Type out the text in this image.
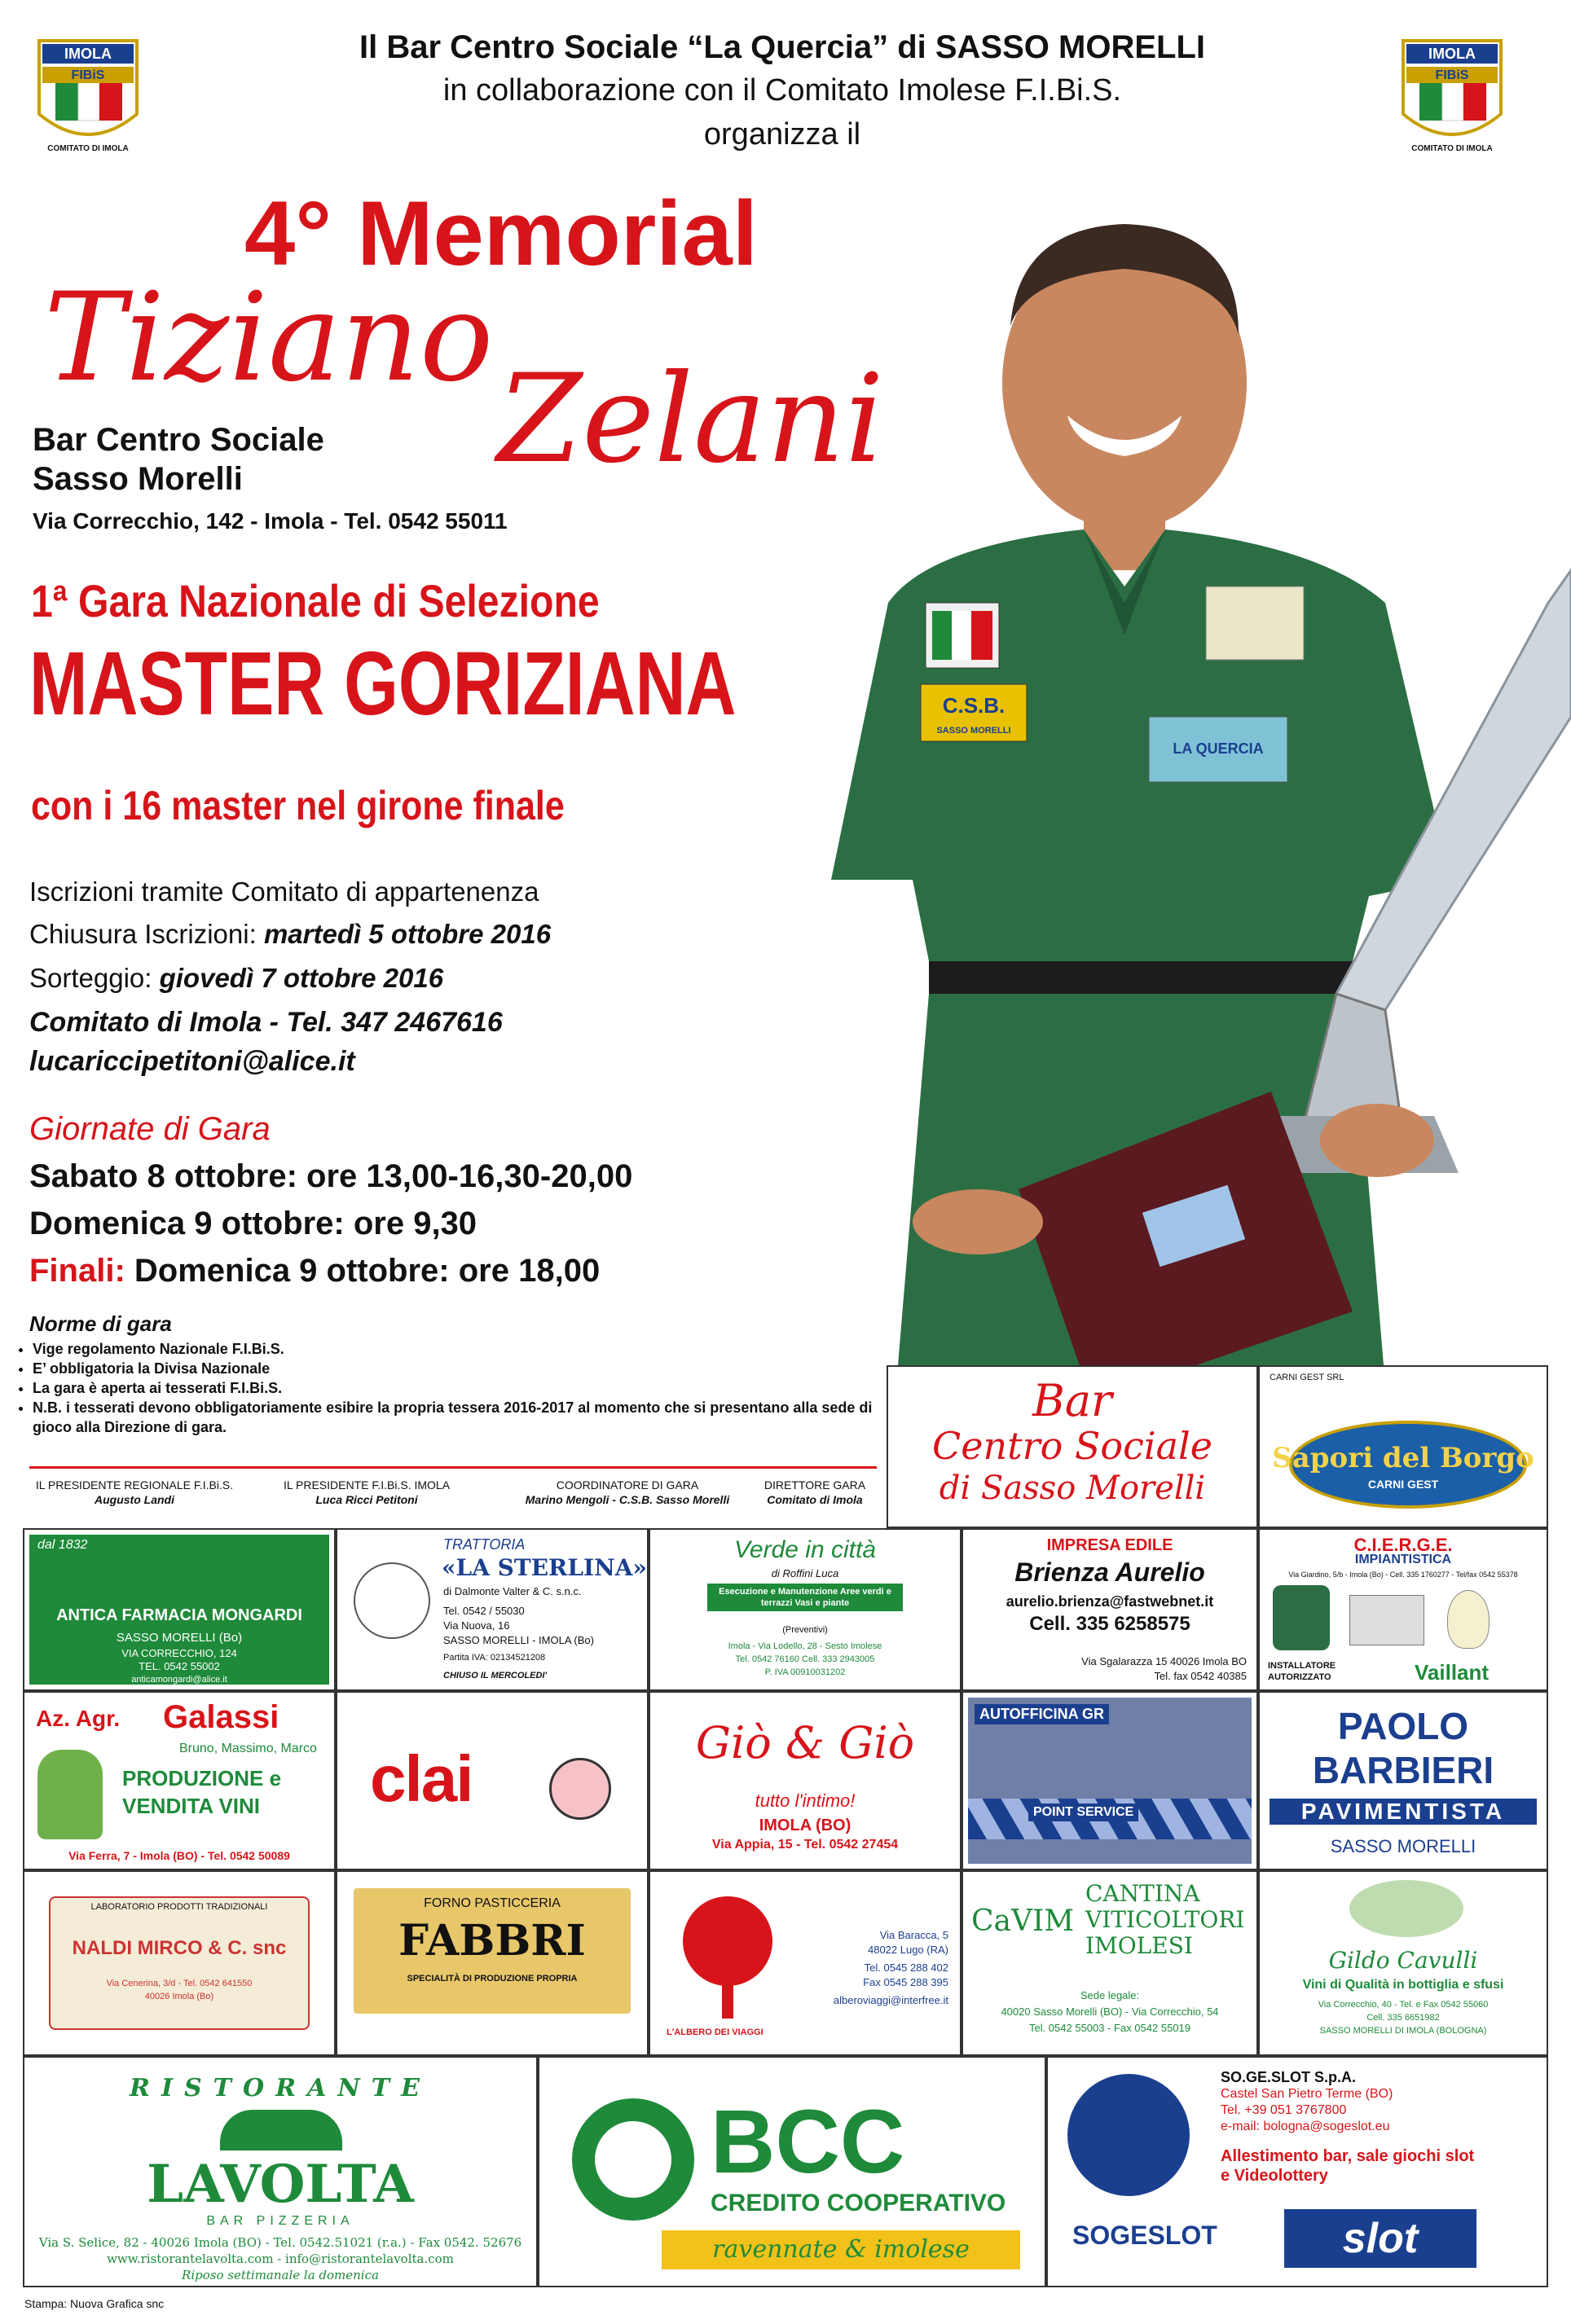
IMOLA
FIBiS
COMITATO DI IMOLA
IMOLA
FIBiS
COMITATO DI IMOLA
Il Bar Centro Sociale “La Quercia” di SASSO MORELLI
in collaborazione con il Comitato Imolese F.I.Bi.S.
organizza il
C.S.B.
SASSO MORELLI
LA QUERCIA
4° Memorial
Tiziano
Zelani
Bar Centro Sociale
Sasso Morelli
Via Correcchio, 142 - Imola - Tel. 0542 55011
1ª Gara Nazionale di Selezione
MASTER GORIZIANA
con i 16 master nel girone finale
Iscrizioni tramite Comitato di appartenenza
Chiusura Iscrizioni: martedì 5 ottobre 2016
Sorteggio: giovedì 7 ottobre 2016
Comitato di Imola - Tel. 347 2467616
lucariccipetitoni@alice.it
Giornate di Gara
Sabato 8 ottobre: ore 13,00-16,30-20,00
Domenica 9 ottobre: ore 9,30
Finali: Domenica 9 ottobre: ore 18,00
Norme di gara
• Vige regolamento Nazionale F.I.Bi.S.
• E’ obbligatoria la Divisa Nazionale
• La gara è aperta ai tesserati F.I.Bi.S.
• N.B. i tesserati devono obbligatoriamente esibire la propria tessera 2016-2017 al momento che si presentano alla sede di gioco alla Direzione di gara.
IL PRESIDENTE REGIONALE F.I.Bi.S.
Augusto Landi
IL PRESIDENTE F.I.Bi.S. IMOLA
Luca Ricci Petitoni
COORDINATORE DI GARA
Marino Mengoli - C.S.B. Sasso Morelli
DIRETTORE GARA
Comitato di Imola
Bar
Centro Sociale
di Sasso Morelli
CARNI GEST SRL
Sapori del Borgo
CARNI GEST
dal 1832
ANTICA FARMACIA MONGARDI
SASSO MORELLI (Bo)
VIA CORRECCHIO, 124
TEL. 0542 55002
anticamongardi@alice.it
TRATTORIA
«LA STERLINA»
di Dalmonte Valter & C. s.n.c.
Tel. 0542 / 55030
Via Nuova, 16
SASSO MORELLI - IMOLA (Bo)
Partita IVA: 02134521208
CHIUSO IL MERCOLEDI'
Verde in città
di Roffini Luca
Esecuzione e Manutenzione Aree verdi e terrazzi Vasi e piante
(Preventivi)
Imola - Via Lodello, 28 - Sesto Imolese
Tel. 0542 76160 Cell. 333 2943005
P. IVA 00910031202
IMPRESA EDILE
Brienza Aurelio
aurelio.brienza@fastwebnet.it
Cell. 335 6258575
Via Sgalarazza 15 40026 Imola BO
Tel. fax 0542 40385
C.I.E.R.G.E.
IMPIANTISTICA
Via Giardino, 5/b - Imola (Bo) - Cell. 335 1760277 - Tel/fax 0542 55378
INSTALLATORE AUTORIZZATO	Vaillant
Az. Agr. Galassi
Bruno, Massimo, Marco
PRODUZIONE e
VENDITA VINI
Via Ferra, 7 - Imola (BO) - Tel. 0542 50089
clai	Giò & Giò
tutto l'intimo!
IMOLA (BO)
Via Appia, 15 - Tel. 0542 27454
AUTOFFICINA GR
POINT SERVICE
PAOLO
BARBIERI
PAVIMENTISTA
SASSO MORELLI
LABORATORIO PRODOTTI TRADIZIONALI
NALDI MIRCO & C. snc
Via Cenerina, 3/d - Tel. 0542 641550
40026 Imola (Bo)
FORNO PASTICCERIA
FABBRI
SPECIALITÀ DI PRODUZIONE PROPRIA
L'ALBERO DEI VIAGGI
Via Baracca, 5
48022 Lugo (RA)
Tel. 0545 288 402
Fax 0545 288 395
alberoviaggi@interfree.it
CaVIM
CANTINA
VITICOLTORI
IMOLESI
Sede legale:
40020 Sasso Morelli (BO) - Via Correcchio, 54
Tel. 0542 55003 - Fax 0542 55019
Gildo Cavulli
Vini di Qualità in bottiglia e sfusi
Via Correcchio, 40 - Tel. e Fax 0542 55060
Cell. 335 6651982
SASSO MORELLI DI IMOLA (BOLOGNA)
RISTORANTE
LAVOLTA
BAR PIZZERIA
Via S. Selice, 82 - 40026 Imola (BO) - Tel. 0542.51021 (r.a.) - Fax 0542. 52676
www.ristorantelavolta.com - info@ristorantelavolta.com
Riposo settimanale la domenica
BCC
CREDITO COOPERATIVO
ravennate & imolese	SOGESLOT
SO.GE.SLOT S.p.A.
Castel San Pietro Terme (BO)
Tel. +39 051 3767800
e-mail: bologna@sogeslot.eu
Allestimento bar, sale giochi slot
e Videolottery
slot
Stampa: Nuova Grafica snc
